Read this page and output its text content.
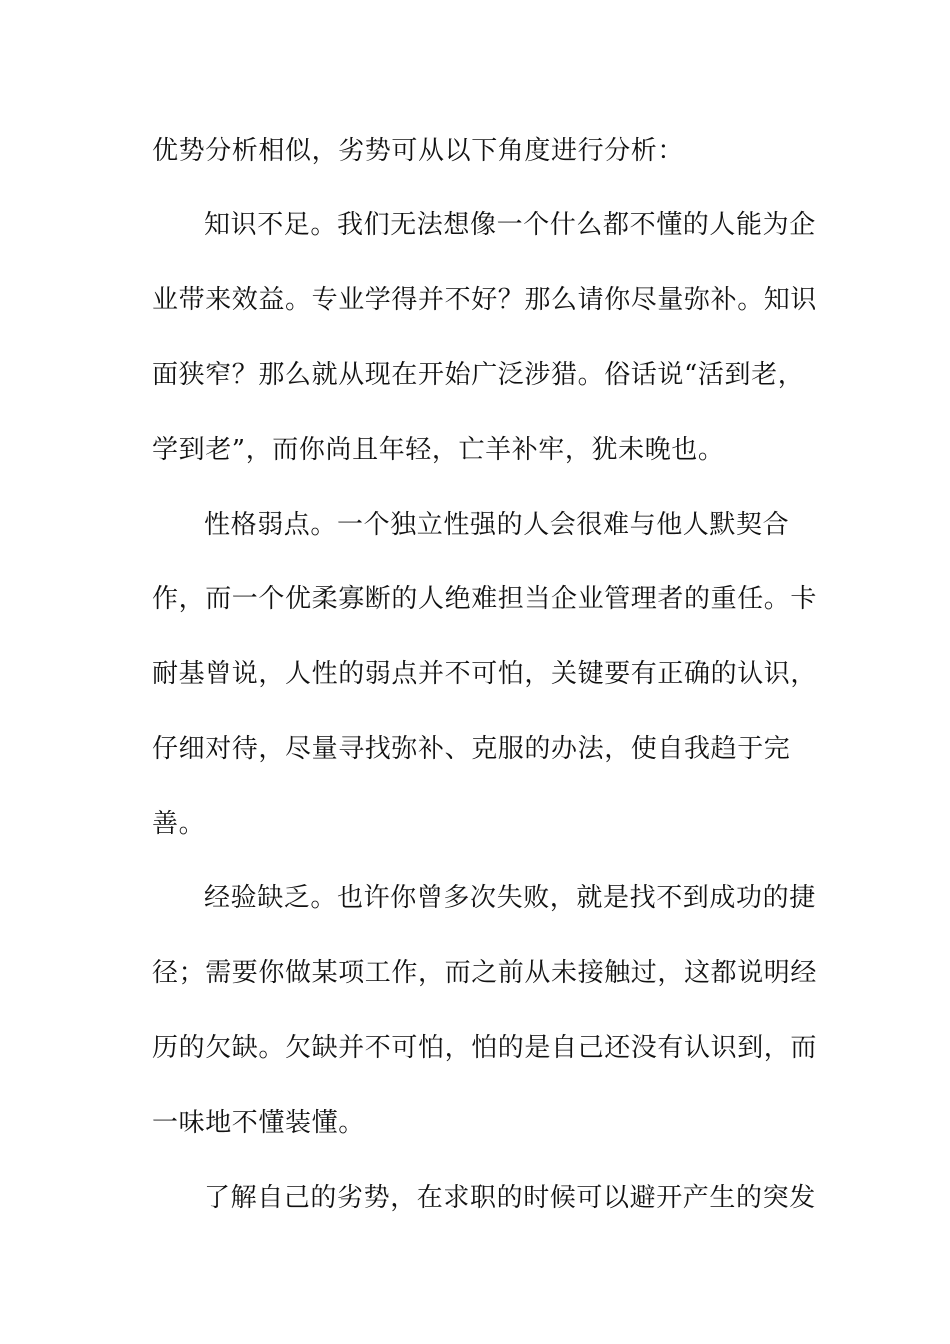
优势分析相似，劣势可从以下角度进行分析：
知识不足。我们无法想像一个什么都不懂的人能为企
业带来效益。专业学得并不好？那么请你尽量弥补。知识
面狭窄？那么就从现在开始广泛涉猎。俗话说“活到老，
学到老”，而你尚且年轻，亡羊补牢，犹未晚也。
性格弱点。一个独立性强的人会很难与他人默契合
作，而一个优柔寡断的人绝难担当企业管理者的重任。卡
耐基曾说，人性的弱点并不可怕，关键要有正确的认识，
仔细对待，尽量寻找弥补、克服的办法，使自我趋于完
善。
经验缺乏。也许你曾多次失败，就是找不到成功的捷
径；需要你做某项工作，而之前从未接触过，这都说明经
历的欠缺。欠缺并不可怕，怕的是自己还没有认识到，而
一味地不懂装懂。
了解自己的劣势，在求职的时候可以避开产生的突发
